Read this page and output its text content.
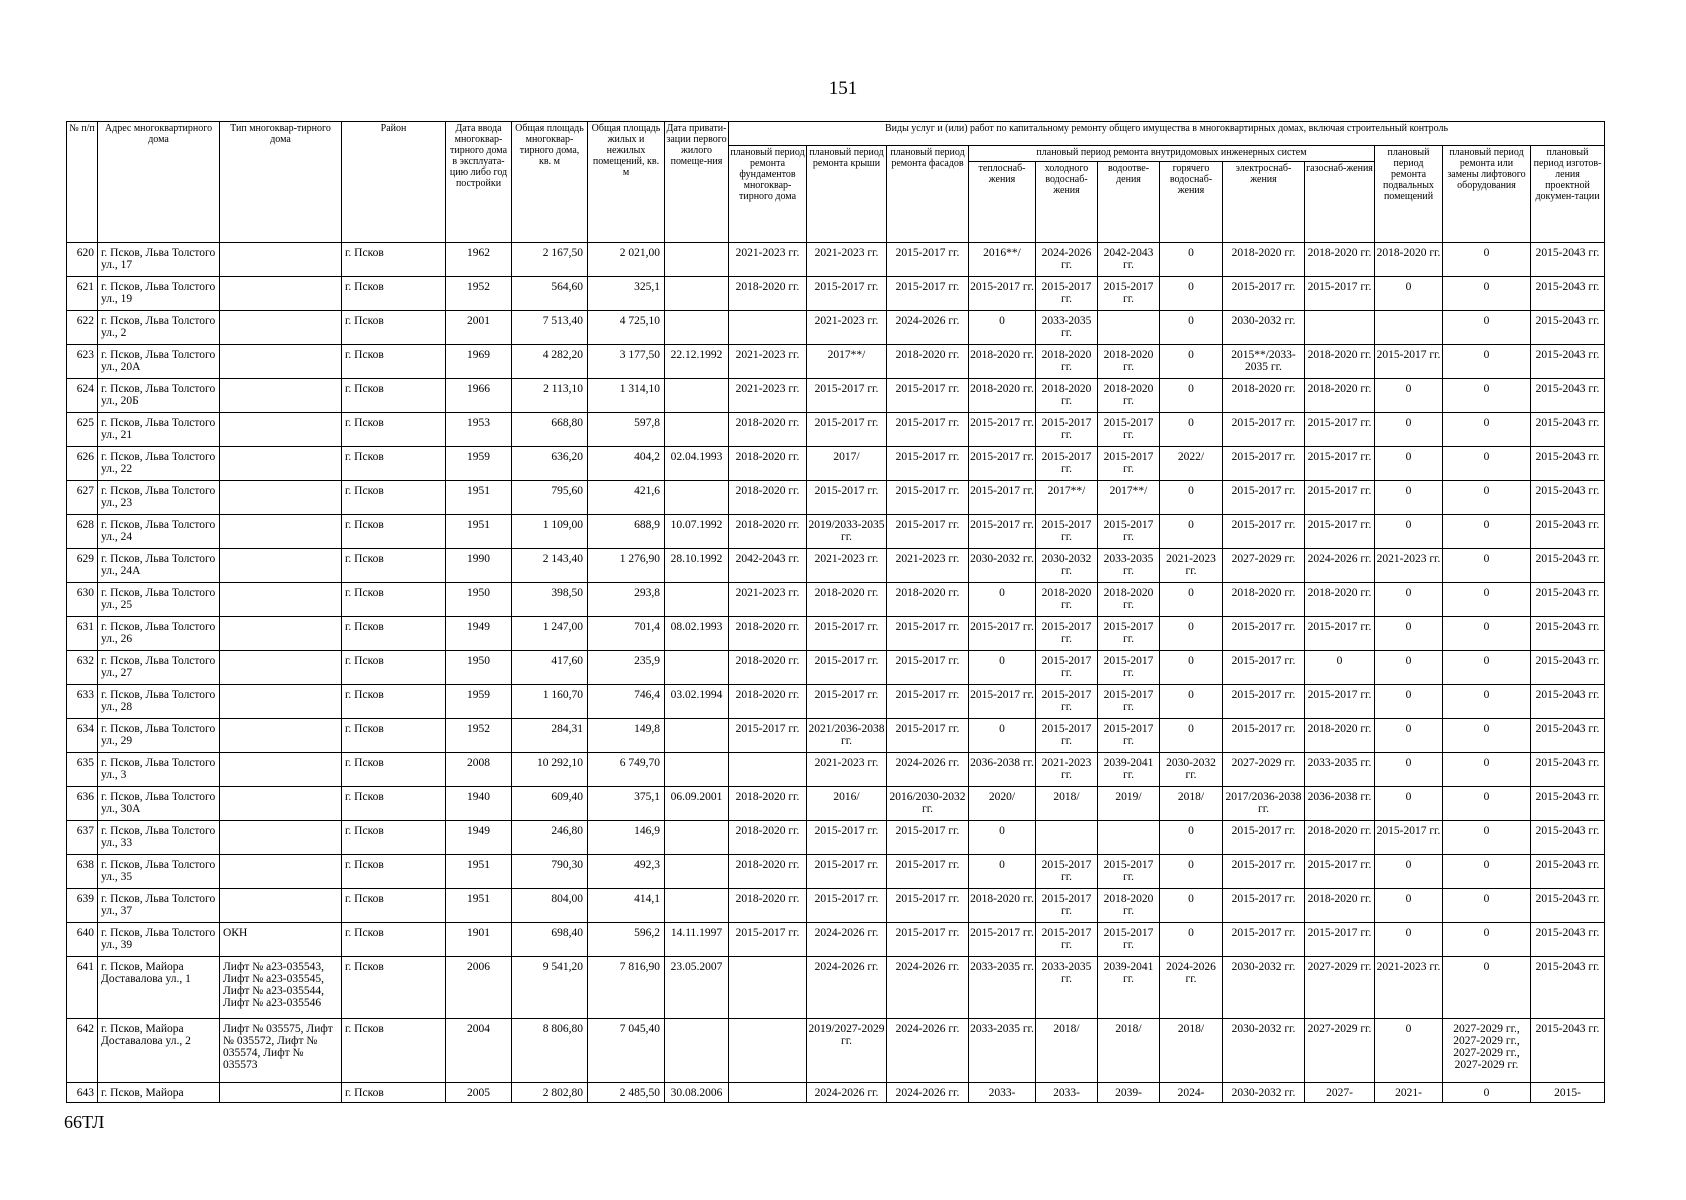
151
№ п/п	Адрес многоквартирного дома	Тип многоквар-тирного дома	Район	Дата ввода многоквар-тирного дома в эксплуата-цию либо год постройки	Общая площадь многоквар-тирного дома, кв. м	Общая площадь жилых и нежилых помещений, кв. м	Дата привати-зации первого жилого помеще-ния	Виды услуг и (или) работ по капитальному ремонту общего имущества в многоквартирных домах, включая строительный контроль											
								плановый период ремонта фундаментов многоквар-тирного дома	плановый период ремонта крыши	плановый период ремонта фасадов	плановый период ремонта внутридомовых инженерных систем						плановый период ремонта подвальных помещений	плановый период ремонта или замены лифтового оборудования	плановый период изготов-ления проектной докумен-тации
											теплоснаб-жения	холодного водоснаб-жения	водоотве-дения	горячего водоснаб-жения	электроснаб-жения	газоснаб-жения			
620	г. Псков, Льва Толстого ул., 17		г. Псков	1962	2 167,50	2 021,00		2021-2023 гг.	2021-2023 гг.	2015-2017 гг.	2016**/	2024-2026 гг.	2042-2043 гг.	0	2018-2020 гг.	2018-2020 гг.	2018-2020 гг.	0	2015-2043 гг.
621	г. Псков, Льва Толстого ул., 19		г. Псков	1952	564,60	325,1		2018-2020 гг.	2015-2017 гг.	2015-2017 гг.	2015-2017 гг.	2015-2017 гг.	2015-2017 гг.	0	2015-2017 гг.	2015-2017 гг.	0	0	2015-2043 гг.
622	г. Псков, Льва Толстого ул., 2		г. Псков	2001	7 513,40	4 725,10			2021-2023 гг.	2024-2026 гг.	0	2033-2035 гг.		0	2030-2032 гг.			0	2015-2043 гг.
623	г. Псков, Льва Толстого ул., 20А		г. Псков	1969	4 282,20	3 177,50	22.12.1992	2021-2023 гг.	2017**/	2018-2020 гг.	2018-2020 гг.	2018-2020 гг.	2018-2020 гг.	0	2015**/2033-2035 гг.	2018-2020 гг.	2015-2017 гг.	0	2015-2043 гг.
624	г. Псков, Льва Толстого ул., 20Б		г. Псков	1966	2 113,10	1 314,10		2021-2023 гг.	2015-2017 гг.	2015-2017 гг.	2018-2020 гг.	2018-2020 гг.	2018-2020 гг.	0	2018-2020 гг.	2018-2020 гг.	0	0	2015-2043 гг.
625	г. Псков, Льва Толстого ул., 21		г. Псков	1953	668,80	597,8		2018-2020 гг.	2015-2017 гг.	2015-2017 гг.	2015-2017 гг.	2015-2017 гг.	2015-2017 гг.	0	2015-2017 гг.	2015-2017 гг.	0	0	2015-2043 гг.
626	г. Псков, Льва Толстого ул., 22		г. Псков	1959	636,20	404,2	02.04.1993	2018-2020 гг.	2017/	2015-2017 гг.	2015-2017 гг.	2015-2017 гг.	2015-2017 гг.	2022/	2015-2017 гг.	2015-2017 гг.	0	0	2015-2043 гг.
627	г. Псков, Льва Толстого ул., 23		г. Псков	1951	795,60	421,6		2018-2020 гг.	2015-2017 гг.	2015-2017 гг.	2015-2017 гг.	2017**/	2017**/	0	2015-2017 гг.	2015-2017 гг.	0	0	2015-2043 гг.
628	г. Псков, Льва Толстого ул., 24		г. Псков	1951	1 109,00	688,9	10.07.1992	2018-2020 гг.	2019/2033-2035 гг.	2015-2017 гг.	2015-2017 гг.	2015-2017 гг.	2015-2017 гг.	0	2015-2017 гг.	2015-2017 гг.	0	0	2015-2043 гг.
629	г. Псков, Льва Толстого ул., 24А		г. Псков	1990	2 143,40	1 276,90	28.10.1992	2042-2043 гг.	2021-2023 гг.	2021-2023 гг.	2030-2032 гг.	2030-2032 гг.	2033-2035 гг.	2021-2023 гг.	2027-2029 гг.	2024-2026 гг.	2021-2023 гг.	0	2015-2043 гг.
630	г. Псков, Льва Толстого ул., 25		г. Псков	1950	398,50	293,8		2021-2023 гг.	2018-2020 гг.	2018-2020 гг.	0	2018-2020 гг.	2018-2020 гг.	0	2018-2020 гг.	2018-2020 гг.	0	0	2015-2043 гг.
631	г. Псков, Льва Толстого ул., 26		г. Псков	1949	1 247,00	701,4	08.02.1993	2018-2020 гг.	2015-2017 гг.	2015-2017 гг.	2015-2017 гг.	2015-2017 гг.	2015-2017 гг.	0	2015-2017 гг.	2015-2017 гг.	0	0	2015-2043 гг.
632	г. Псков, Льва Толстого ул., 27		г. Псков	1950	417,60	235,9		2018-2020 гг.	2015-2017 гг.	2015-2017 гг.	0	2015-2017 гг.	2015-2017 гг.	0	2015-2017 гг.	0	0	0	2015-2043 гг.
633	г. Псков, Льва Толстого ул., 28		г. Псков	1959	1 160,70	746,4	03.02.1994	2018-2020 гг.	2015-2017 гг.	2015-2017 гг.	2015-2017 гг.	2015-2017 гг.	2015-2017 гг.	0	2015-2017 гг.	2015-2017 гг.	0	0	2015-2043 гг.
634	г. Псков, Льва Толстого ул., 29		г. Псков	1952	284,31	149,8		2015-2017 гг.	2021/2036-2038 гг.	2015-2017 гг.	0	2015-2017 гг.	2015-2017 гг.	0	2015-2017 гг.	2018-2020 гг.	0	0	2015-2043 гг.
635	г. Псков, Льва Толстого ул., 3		г. Псков	2008	10 292,10	6 749,70			2021-2023 гг.	2024-2026 гг.	2036-2038 гг.	2021-2023 гг.	2039-2041 гг.	2030-2032 гг.	2027-2029 гг.	2033-2035 гг.	0	0	2015-2043 гг.
636	г. Псков, Льва Толстого ул., 30А		г. Псков	1940	609,40	375,1	06.09.2001	2018-2020 гг.	2016/	2016/2030-2032 гг.	2020/	2018/	2019/	2018/	2017/2036-2038 гг.	2036-2038 гг.	0	0	2015-2043 гг.
637	г. Псков, Льва Толстого ул., 33		г. Псков	1949	246,80	146,9		2018-2020 гг.	2015-2017 гг.	2015-2017 гг.	0			0	2015-2017 гг.	2018-2020 гг.	2015-2017 гг.	0	2015-2043 гг.
638	г. Псков, Льва Толстого ул., 35		г. Псков	1951	790,30	492,3		2018-2020 гг.	2015-2017 гг.	2015-2017 гг.	0	2015-2017 гг.	2015-2017 гг.	0	2015-2017 гг.	2015-2017 гг.	0	0	2015-2043 гг.
639	г. Псков, Льва Толстого ул., 37		г. Псков	1951	804,00	414,1		2018-2020 гг.	2015-2017 гг.	2015-2017 гг.	2018-2020 гг.	2015-2017 гг.	2018-2020 гг.	0	2015-2017 гг.	2018-2020 гг.	0	0	2015-2043 гг.
640	г. Псков, Льва Толстого ул., 39	ОКН	г. Псков	1901	698,40	596,2	14.11.1997	2015-2017 гг.	2024-2026 гг.	2015-2017 гг.	2015-2017 гг.	2015-2017 гг.	2015-2017 гг.	0	2015-2017 гг.	2015-2017 гг.	0	0	2015-2043 гг.
641	г. Псков, Майора Доставалова ул., 1	Лифт № а23-035543, Лифт № а23-035545, Лифт № а23-035544, Лифт № а23-035546	г. Псков	2006	9 541,20	7 816,90	23.05.2007		2024-2026 гг.	2024-2026 гг.	2033-2035 гг.	2033-2035 гг.	2039-2041 гг.	2024-2026 гг.	2030-2032 гг.	2027-2029 гг.	2021-2023 гг.	0	2015-2043 гг.
642	г. Псков, Майора Доставалова ул., 2	Лифт № 035575, Лифт № 035572, Лифт № 035574, Лифт № 035573	г. Псков	2004	8 806,80	7 045,40			2019/2027-2029 гг.	2024-2026 гг.	2033-2035 гг.	2018/	2018/	2018/	2030-2032 гг.	2027-2029 гг.	0	2027-2029 гг., 2027-2029 гг., 2027-2029 гг., 2027-2029 гг.	2015-2043 гг.
643	г. Псков, Майора		г. Псков	2005	2 802,80	2 485,50	30.08.2006		2024-2026 гг.	2024-2026 гг.	2033-	2033-	2039-	2024-	2030-2032 гг.	2027-	2021-	0	2015-
66ТЛ
